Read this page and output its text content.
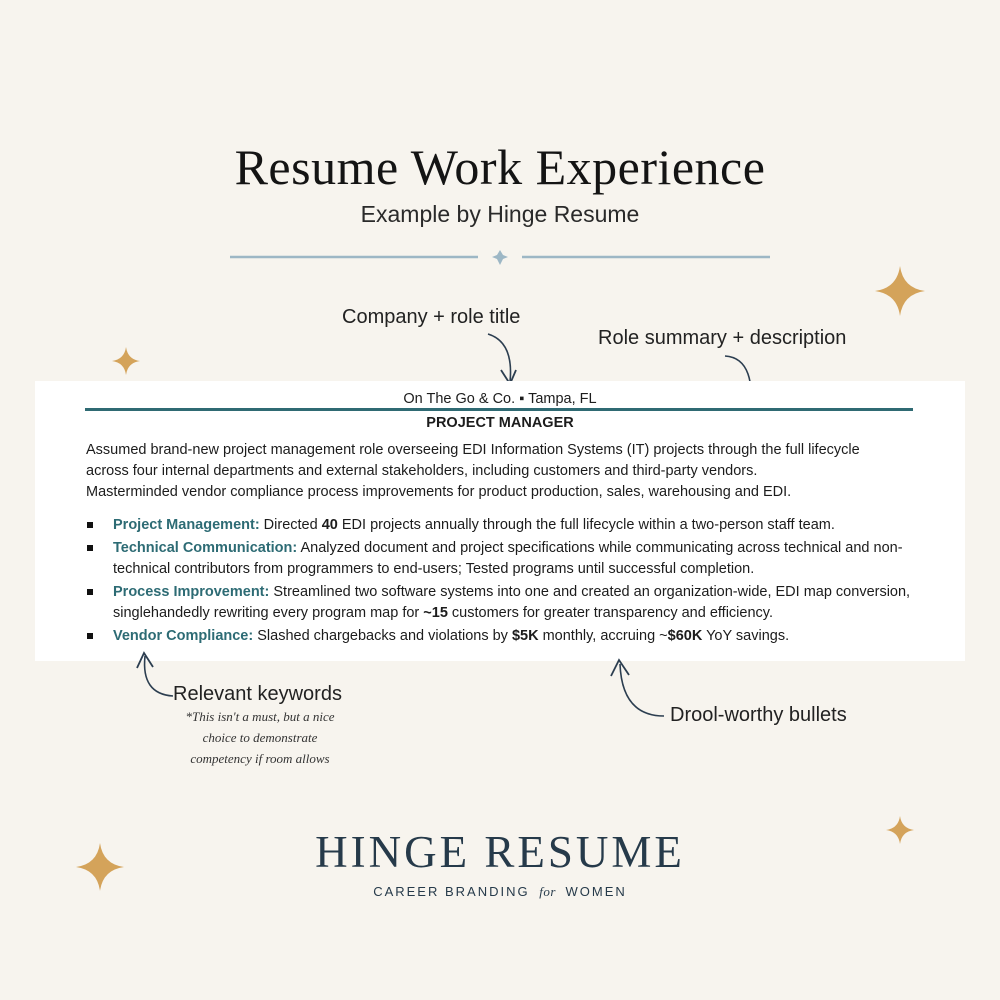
Resume Work Experience
Example by Hinge Resume
Company + role title
Role summary + description
On The Go & Co. ▪ Tampa, FL
PROJECT MANAGER
Assumed brand-new project management role overseeing EDI Information Systems (IT) projects through the full lifecycle
across four internal departments and external stakeholders, including customers and third-party vendors.
Masterminded vendor compliance process improvements for product production, sales, warehousing and EDI.
Project Management: Directed 40 EDI projects annually through the full lifecycle within a two-person staff team.
Technical Communication: Analyzed document and project specifications while communicating across technical and non-technical contributors from programmers to end-users; Tested programs until successful completion.
Process Improvement: Streamlined two software systems into one and created an organization-wide, EDI map conversion, singlehandedly rewriting every program map for ~15 customers for greater transparency and efficiency.
Vendor Compliance: Slashed chargebacks and violations by $5K monthly, accruing ~$60K YoY savings.
Relevant keywords
*This isn't a must, but a nice
choice to demonstrate
competency if room allows
Drool-worthy bullets
HINGE RESUME
CAREER BRANDING for WOMEN
